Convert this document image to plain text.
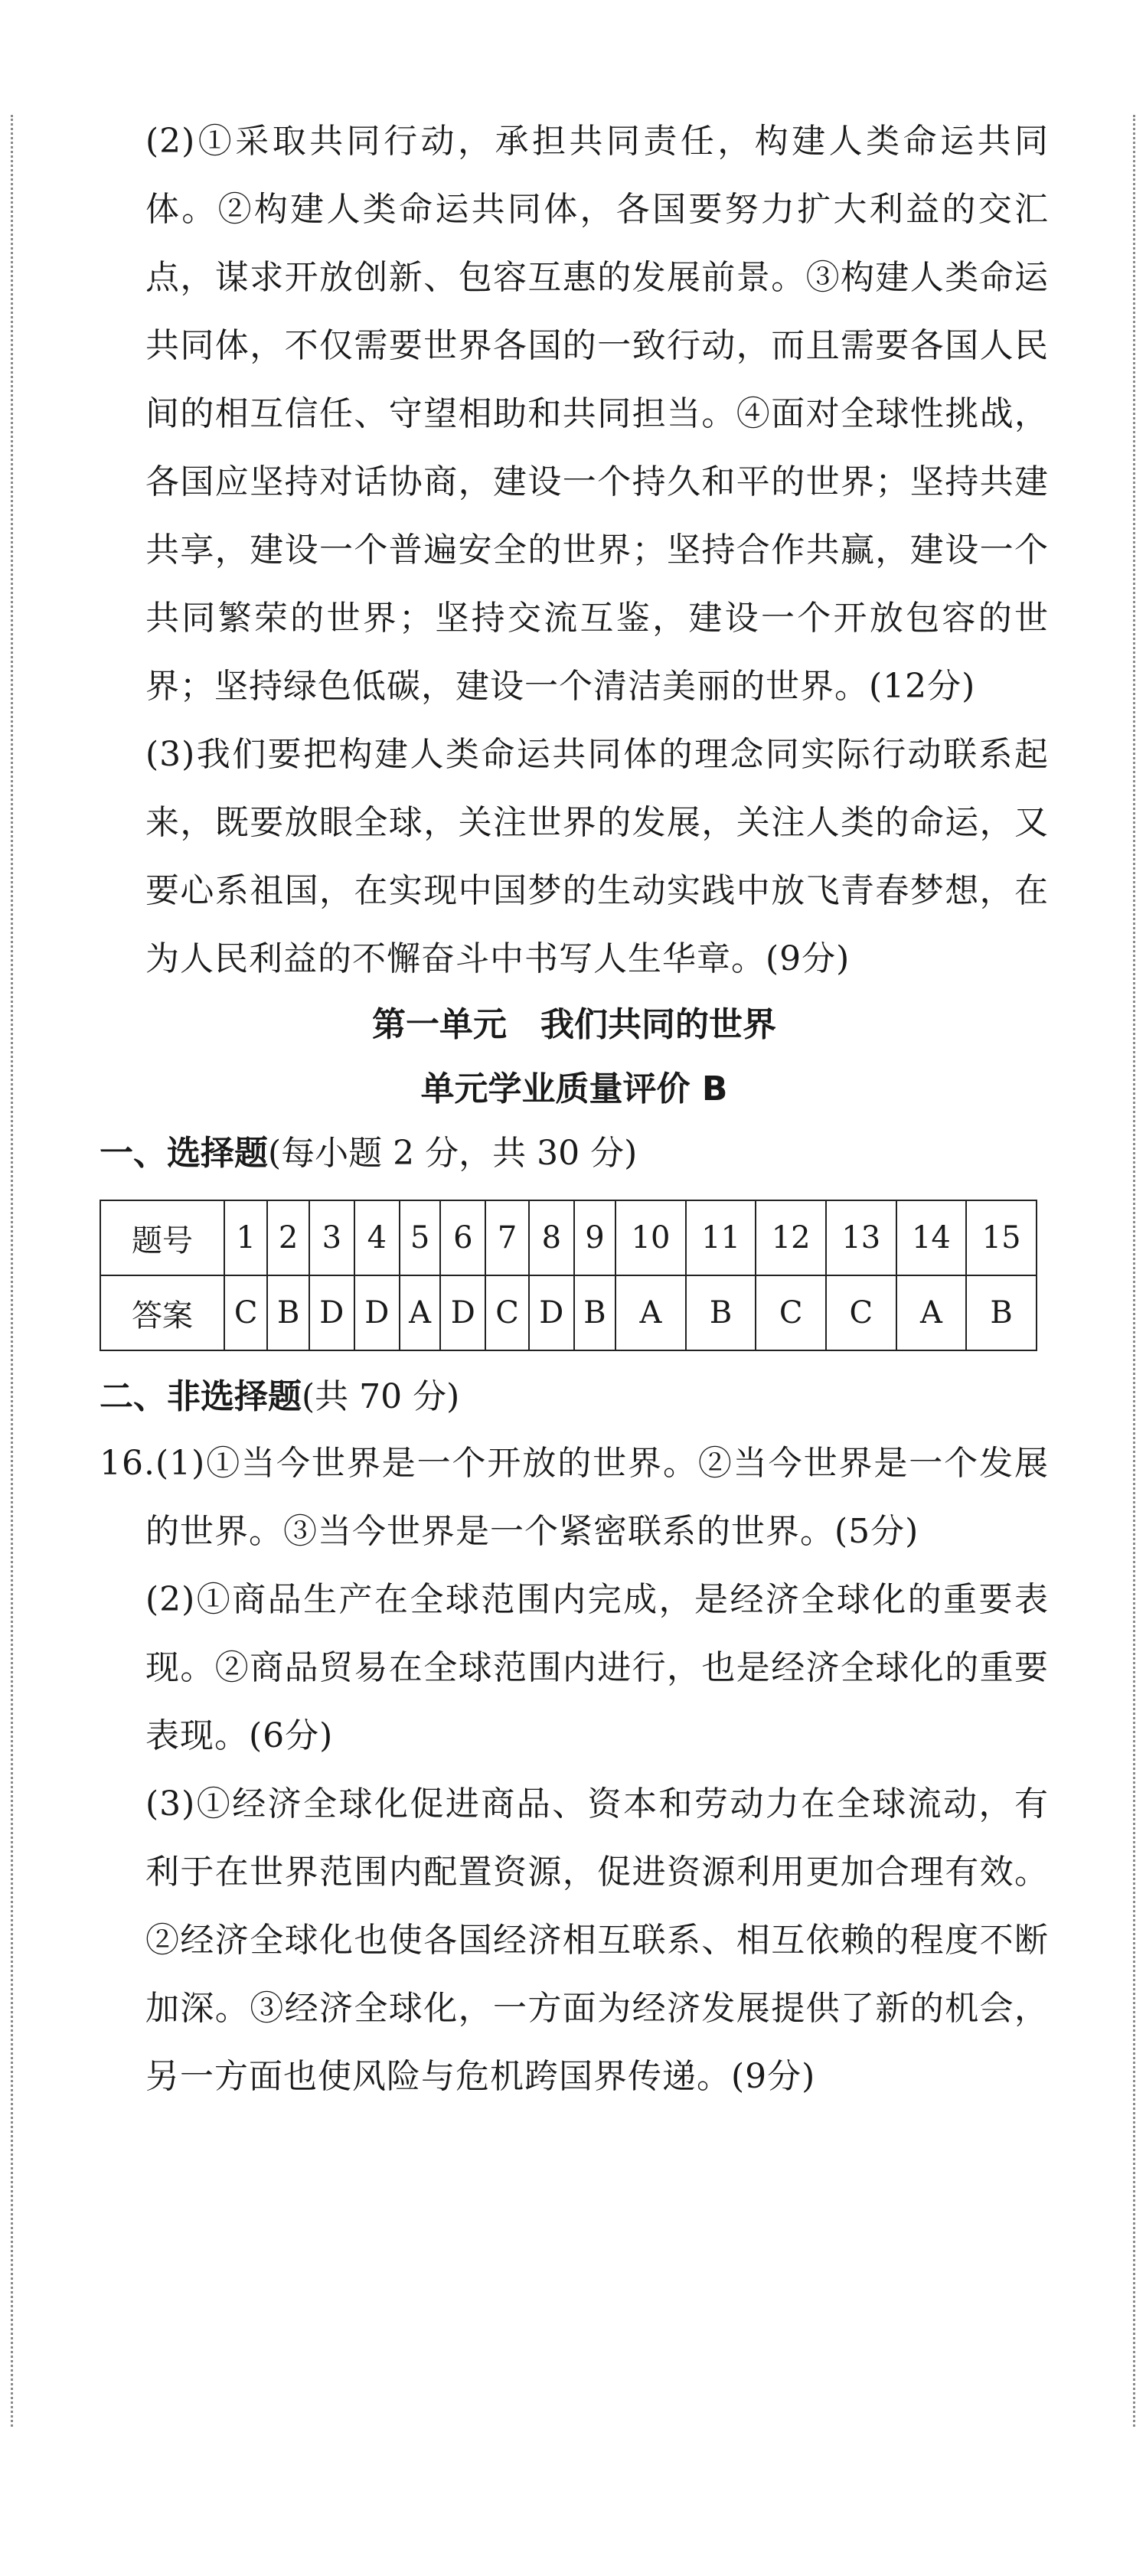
(2)①采取共同行动，承担共同责任，构建人类命运共同体。②构建人类命运共同体，各国要努力扩大利益的交汇点，谋求开放创新、包容互惠的发展前景。③构建人类命运共同体，不仅需要世界各国的一致行动，而且需要各国人民间的相互信任、守望相助和共同担当。④面对全球性挑战，各国应坚持对话协商，建设一个持久和平的世界；坚持共建共享，建设一个普遍安全的世界；坚持合作共赢，建设一个共同繁荣的世界；坚持交流互鉴，建设一个开放包容的世界；坚持绿色低碳，建设一个清洁美丽的世界。(12分)

(3)我们要把构建人类命运共同体的理念同实际行动联系起来，既要放眼全球，关注世界的发展，关注人类的命运，又要心系祖国，在实现中国梦的生动实践中放飞青春梦想，在为人民利益的不懈奋斗中书写人生华章。(9分)

第一单元　我们共同的世界

单元学业质量评价 B

一、选择题(每小题 2 分，共 30 分)

题号	1	2	3	4	5	6	7	8	9	10	11	12	13	14	15
答案	C	B	D	D	A	D	C	D	B	A	B	C	C	A	B

二、非选择题(共 70 分)

16.(1)①当今世界是一个开放的世界。②当今世界是一个发展的世界。③当今世界是一个紧密联系的世界。(5分)

(2)①商品生产在全球范围内完成，是经济全球化的重要表现。②商品贸易在全球范围内进行，也是经济全球化的重要表现。(6分)

(3)①经济全球化促进商品、资本和劳动力在全球流动，有利于在世界范围内配置资源，促进资源利用更加合理有效。②经济全球化也使各国经济相互联系、相互依赖的程度不断加深。③经济全球化，一方面为经济发展提供了新的机会，另一方面也使风险与危机跨国界传递。(9分)
